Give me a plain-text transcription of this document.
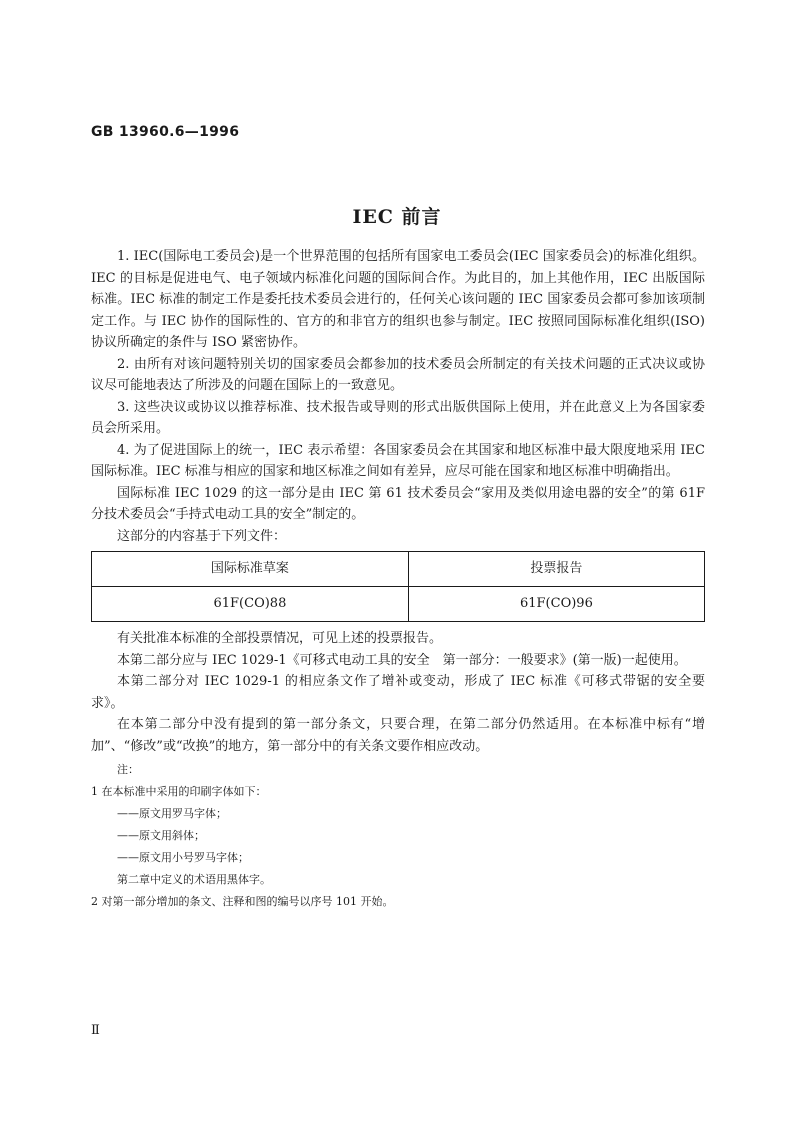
GB 13960.6—1996
IEC 前言

1. IEC(国际电工委员会)是一个世界范围的包括所有国家电工委员会(IEC 国家委员会)的标准化组织。IEC 的目标是促进电气、电子领域内标准化问题的国际间合作。为此目的，加上其他作用，IEC 出版国际标准。IEC 标准的制定工作是委托技术委员会进行的，任何关心该问题的 IEC 国家委员会都可参加该项制定工作。与 IEC 协作的国际性的、官方的和非官方的组织也参与制定。IEC 按照同国际标准化组织(ISO)协议所确定的条件与 ISO 紧密协作。

2. 由所有对该问题特别关切的国家委员会都参加的技术委员会所制定的有关技术问题的正式决议或协议尽可能地表达了所涉及的问题在国际上的一致意见。

3. 这些决议或协议以推荐标准、技术报告或导则的形式出版供国际上使用，并在此意义上为各国家委员会所采用。

4. 为了促进国际上的统一，IEC 表示希望：各国家委员会在其国家和地区标准中最大限度地采用 IEC 国际标准。IEC 标准与相应的国家和地区标准之间如有差异，应尽可能在国家和地区标准中明确指出。

国际标准 IEC 1029 的这一部分是由 IEC 第 61 技术委员会“家用及类似用途电器的安全”的第 61F 分技术委员会“手持式电动工具的安全”制定的。

这部分的内容基于下列文件：

国际标准草案	投票报告
61F(CO)88	61F(CO)96

有关批准本标准的全部投票情况，可见上述的投票报告。

本第二部分应与 IEC 1029-1《可移式电动工具的安全　第一部分：一般要求》(第一版)一起使用。

本第二部分对 IEC 1029-1 的相应条文作了增补或变动，形成了 IEC 标准《可移式带锯的安全要求》。

在本第二部分中没有提到的第一部分条文，只要合理，在第二部分仍然适用。在本标准中标有“增加”、“修改”或“改换”的地方，第一部分中的有关条文要作相应改动。

注：
1 在本标准中采用的印刷字体如下：
——原文用罗马字体；
——原文用斜体；
——原文用小号罗马字体；
第二章中定义的术语用黑体字。
2 对第一部分增加的条文、注释和图的编号以序号 101 开始。
Ⅱ
